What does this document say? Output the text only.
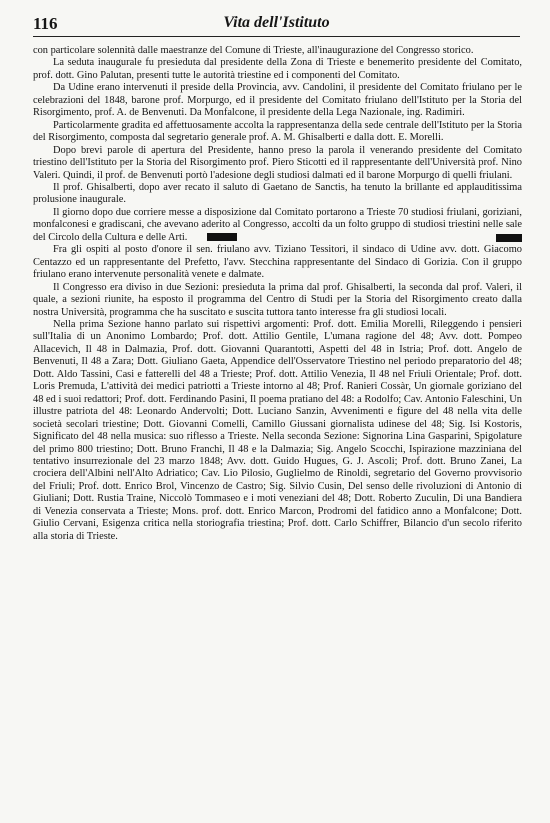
116	Vita dell'Istituto

con particolare solennità dalle maestranze del Comune di Trieste, all'inaugurazione del Congresso storico.

La seduta inaugurale fu presieduta dal presidente della Zona di Trieste e benemerito presidente del Comitato, prof. dott. Gino Palutan, presenti tutte le autorità triestine ed i componenti del Comitato.

Da Udine erano intervenuti il preside della Provincia, avv. Candolini, il presidente del Comitato friulano per le celebrazioni del 1848, barone prof. Morpurgo, ed il presidente del Comitato friulano dell'Istituto per la Storia del Risorgimento, prof. A. de Benvenuti. Da Monfalcone, il presidente della Lega Nazionale, ing. Radimiri.

Particolarmente gradita ed affettuosamente accolta la rappresentanza della sede centrale dell'Istituto per la Storia del Risorgimento, composta dal segretario generale prof. A. M. Ghisalberti e dalla dott. E. Morelli.

Dopo brevi parole di apertura del Presidente, hanno preso la parola il venerando presidente del Comitato triestino dell'Istituto per la Storia del Risorgimento prof. Piero Sticotti ed il rappresentante dell'Università prof. Nino Valeri. Quindi, il prof. de Benvenuti portò l'adesione degli studiosi dalmati ed il barone Morpurgo di quelli friulani.

Il prof. Ghisalberti, dopo aver recato il saluto di Gaetano de Sanctis, ha tenuto la brillante ed applauditissima prolusione inaugurale.

Il giorno dopo due corriere messe a disposizione dal Comitato portarono a Trieste 70 studiosi friulani, goriziani, monfalconesi e gradiscani, che avevano aderito al Congresso, accolti da un folto gruppo di studiosi triestini nelle sale del Circolo della Cultura e delle Arti.

Fra gli ospiti al posto d'onore il sen. friulano avv. Tiziano Tessitori, il sindaco di Udine avv. dott. Giacomo Centazzo ed un rappresentante del Prefetto, l'avv. Stecchina rappresentante del Sindaco di Gorizia. Con il gruppo friulano erano intervenute personalità venete e dalmate.

Il Congresso era diviso in due Sezioni: presieduta la prima dal prof. Ghisalberti, la seconda dal prof. Valeri, il quale, a sezioni riunite, ha esposto il programma del Centro di Studi per la Storia del Risorgimento creato dalla nostra Università, programma che ha suscitato e suscita tuttora tanto interesse fra gli studiosi locali.

Nella prima Sezione hanno parlato sui rispettivi argomenti: Prof. dott. Emilia Morelli, Rileggendo i pensieri sull'Italia di un Anonimo Lombardo; Prof. dott. Attilio Gentile, L'umana ragione del 48; Avv. dott. Pompeo Allacevich, Il 48 in Dalmazia, Prof. dott. Giovanni Quarantotti, Aspetti del 48 in Istria; Prof. dott. Angelo de Benvenuti, Il 48 a Zara; Dott. Giuliano Gaeta, Appendice dell'Osservatore Triestino nel periodo preparatorio del 48; Dott. Aldo Tassini, Casi e fatterelli del 48 a Trieste; Prof. dott. Attilio Venezia, Il 48 nel Friuli Orientale; Prof. dott. Loris Premuda, L'attività dei medici patriotti a Trieste intorno al 48; Prof. Ranieri Cossàr, Un giornale goriziano del 48 ed i suoi redattori; Prof. dott. Ferdinando Pasini, Il poema pratiano del 48: a Rodolfo; Cav. Antonio Faleschini, Un illustre patriota del 48: Leonardo Andervolti; Dott. Luciano Sanzin, Avvenimenti e figure del 48 nella vita delle società secolari triestine; Dott. Giovanni Comelli, Camillo Giussani giornalista udinese del 48; Sig. Isi Kostoris, Significato del 48 nella musica: suo riflesso a Trieste. Nella seconda Sezione: Signorina Lina Gasparini, Spigolature del primo 800 triestino; Dott. Bruno Franchi, Il 48 e la Dalmazia; Sig. Angelo Scocchi, Ispirazione mazziniana del tentativo insurrezionale del 23 marzo 1848; Avv. dott. Guido Hugues, G. J. Ascoli; Prof. dott. Bruno Zanei, La crociera dell'Albini nell'Alto Adriatico; Cav. Lio Pilosio, Guglielmo de Rinoldi, segretario del Governo provvisorio del Friuli; Prof. dott. Enrico Brol, Vincenzo de Castro; Sig. Silvio Cusin, Del senso delle rivoluzioni di Antonio di Giuliani; Dott. Rustia Traine, Niccolò Tommaseo e i moti veneziani del 48; Dott. Roberto Zuculin, Di una Bandiera di Venezia conservata a Trieste; Mons. prof. dott. Enrico Marcon, Prodromi del fatidico anno a Monfalcone; Dott. Giulio Cervani, Esigenza critica nella storiografia triestina; Prof. dott. Carlo Schiffrer, Bilancio d'un secolo riferito alla storia di Trieste.
